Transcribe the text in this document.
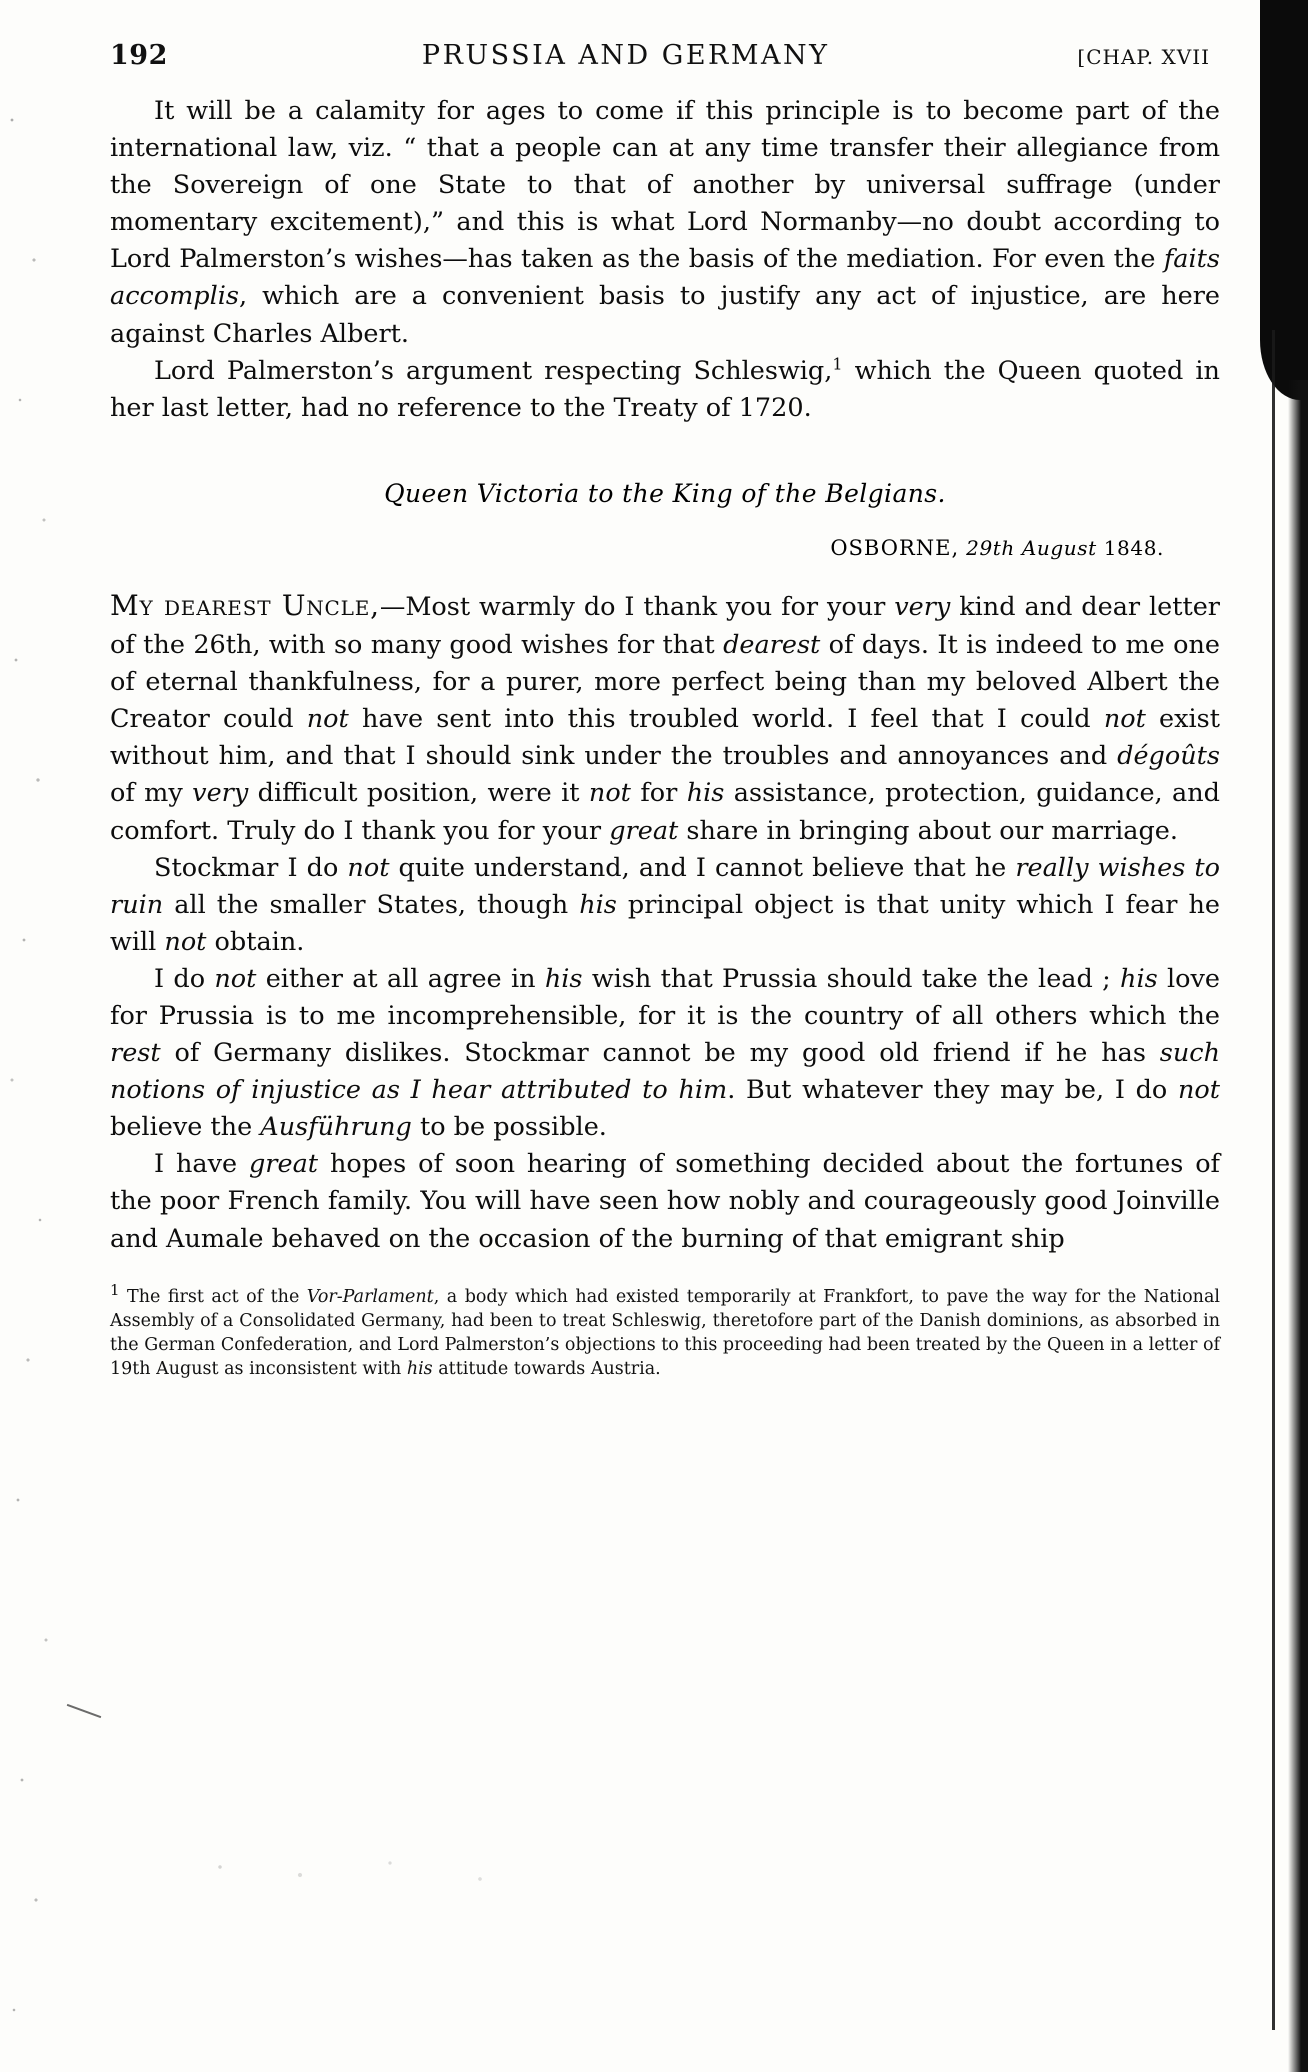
192	PRUSSIA AND GERMANY	[CHAP. XVII

It will be a calamity for ages to come if this principle is to become part of the international law, viz. “ that a people can at any time transfer their allegiance from the Sovereign of one State to that of another by universal suffrage (under momentary excitement),” and this is what Lord Normanby—no doubt according to Lord Palmerston’s wishes—has taken as the basis of the mediation. For even the faits accomplis, which are a convenient basis to justify any act of injustice, are here against Charles Albert.

Lord Palmerston’s argument respecting Schleswig,$^1$ which the Queen quoted in her last letter, had no reference to the Treaty of 1720.

Queen Victoria to the King of the Belgians.
OSBORNE, 29th August 1848.

My dearest Uncle,—Most warmly do I thank you for your very kind and dear letter of the 26th, with so many good wishes for that dearest of days. It is indeed to me one of eternal thankfulness, for a purer, more perfect being than my beloved Albert the Creator could not have sent into this troubled world. I feel that I could not exist without him, and that I should sink under the troubles and annoyances and dégoûts of my very difficult position, were it not for his assistance, protection, guidance, and comfort. Truly do I thank you for your great share in bringing about our marriage.

Stockmar I do not quite understand, and I cannot believe that he really wishes to ruin all the smaller States, though his principal object is that unity which I fear he will not obtain.

I do not either at all agree in his wish that Prussia should take the lead ; his love for Prussia is to me incomprehensible, for it is the country of all others which the rest of Germany dislikes. Stockmar cannot be my good old friend if he has such notions of injustice as I hear attributed to him. But whatever they may be, I do not believe the Ausführung to be possible.

I have great hopes of soon hearing of something decided about the fortunes of the poor French family. You will have seen how nobly and courageously good Joinville and Aumale behaved on the occasion of the burning of that emigrant ship

1 The first act of the Vor-Parlament, a body which had existed temporarily at Frankfort, to pave the way for the National Assembly of a Consolidated Germany, had been to treat Schleswig, theretofore part of the Danish dominions, as absorbed in the German Confederation, and Lord Palmerston’s objections to this proceeding had been treated by the Queen in a letter of 19th August as inconsistent with his attitude towards Austria.
